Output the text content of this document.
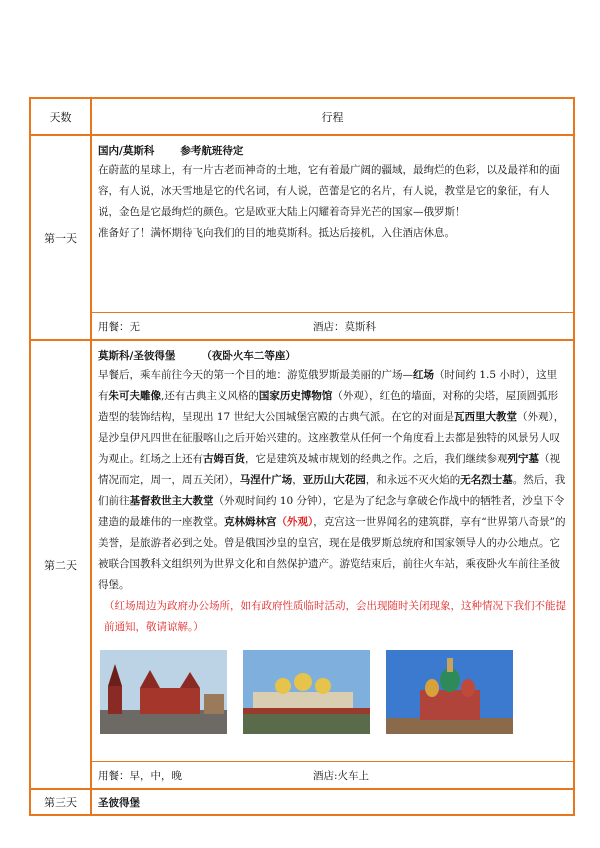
天数	行程
第一天	国内/莫斯科 参考航班待定

在蔚蓝的星球上，有一片古老而神奇的土地，它有着最广阔的疆域，最绚烂的色彩，以及最祥和的面容，有人说，冰天雪地是它的代名词，有人说，芭蕾是它的名片，有人说，教堂是它的象征，有人说，金色是它最绚烂的颜色。它是欧亚大陆上闪耀着奇异光芒的国家—俄罗斯！

准备好了！满怀期待飞向我们的目的地莫斯科。抵达后接机，入住酒店休息。

用餐：无 酒店：莫斯科

第二天	莫斯科/圣彼得堡 （夜卧火车二等座）

早餐后，乘车前往今天的第一个目的地：游览俄罗斯最美丽的广场—红场（时间约 1.5 小时），这里有朱可夫雕像,还有古典主义风格的国家历史博物馆（外观），红色的墙面，对称的尖塔，屋顶圆弧形造型的装饰结构，呈现出 17 世纪大公国城堡宫殿的古典气派。在它的对面是瓦西里大教堂（外观），是沙皇伊凡四世在征服喀山之后开始兴建的。这座教堂从任何一个角度看上去都是独特的风景另人叹为观止。红场之上还有古姆百货，它是建筑及城市规划的经典之作。之后，我们继续参观列宁墓（视情况而定，周一，周五关闭），马涅什广场，亚历山大花园，和永远不灭火焰的无名烈士墓。然后，我们前往基督救世主大教堂（外观时间约 10 分钟），它是为了纪念与拿破仑作战中的牺牲者，沙皇下令建造的最雄伟的一座教堂。克林姆林宫（外观），克宫这一世界闻名的建筑群，享有“世界第八奇景”的美誉，是旅游者必到之处。曾是俄国沙皇的皇宫，现在是俄罗斯总统府和国家领导人的办公地点。它被联合国教科文组织列为世界文化和自然保护遗产。游览结束后，前往火车站，乘夜卧火车前往圣彼得堡。

（红场周边为政府办公场所，如有政府性质临时活动，会出现随时关闭现象，这种情况下我们不能提前通知，敬请谅解。）

用餐：早，中，晚 酒店:火车上

第三天	圣彼得堡
